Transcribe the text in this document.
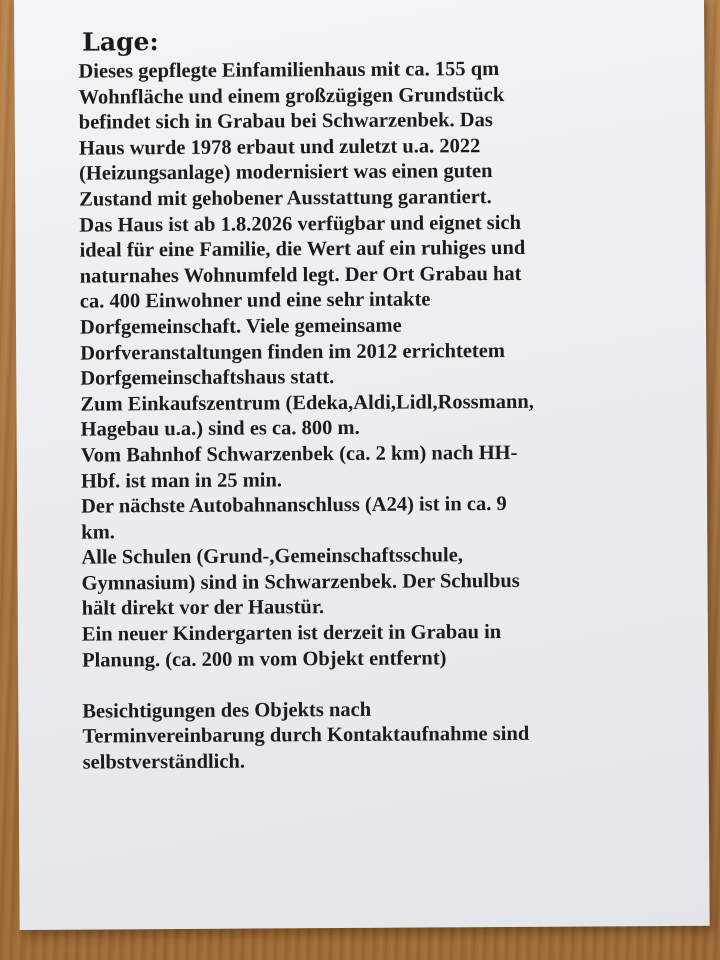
Lage:
Dieses gepflegte Einfamilienhaus mit ca. 155 qm
Wohnfläche und einem großzügigen Grundstück
befindet sich in Grabau bei Schwarzenbek. Das
Haus wurde 1978 erbaut und zuletzt u.a. 2022
(Heizungsanlage) modernisiert was einen guten
Zustand mit gehobener Ausstattung garantiert.
Das Haus ist ab 1.8.2026 verfügbar und eignet sich
ideal für eine Familie, die Wert auf ein ruhiges und
naturnahes Wohnumfeld legt. Der Ort Grabau hat
ca. 400 Einwohner und eine sehr intakte
Dorfgemeinschaft. Viele gemeinsame
Dorfveranstaltungen finden im 2012 errichtetem
Dorfgemeinschaftshaus statt.
Zum Einkaufszentrum (Edeka,Aldi,Lidl,Rossmann,
Hagebau u.a.) sind es ca. 800 m.
Vom Bahnhof Schwarzenbek (ca. 2 km) nach HH-
Hbf. ist man in 25 min.
Der nächste Autobahnanschluss (A24) ist in ca. 9
km.
Alle Schulen (Grund-,Gemeinschaftsschule,
Gymnasium) sind in Schwarzenbek. Der Schulbus
hält direkt vor der Haustür.
Ein neuer Kindergarten ist derzeit in Grabau in
Planung. (ca. 200 m vom Objekt entfernt)
Besichtigungen des Objekts nach
Terminvereinbarung durch Kontaktaufnahme sind
selbstverständlich.
